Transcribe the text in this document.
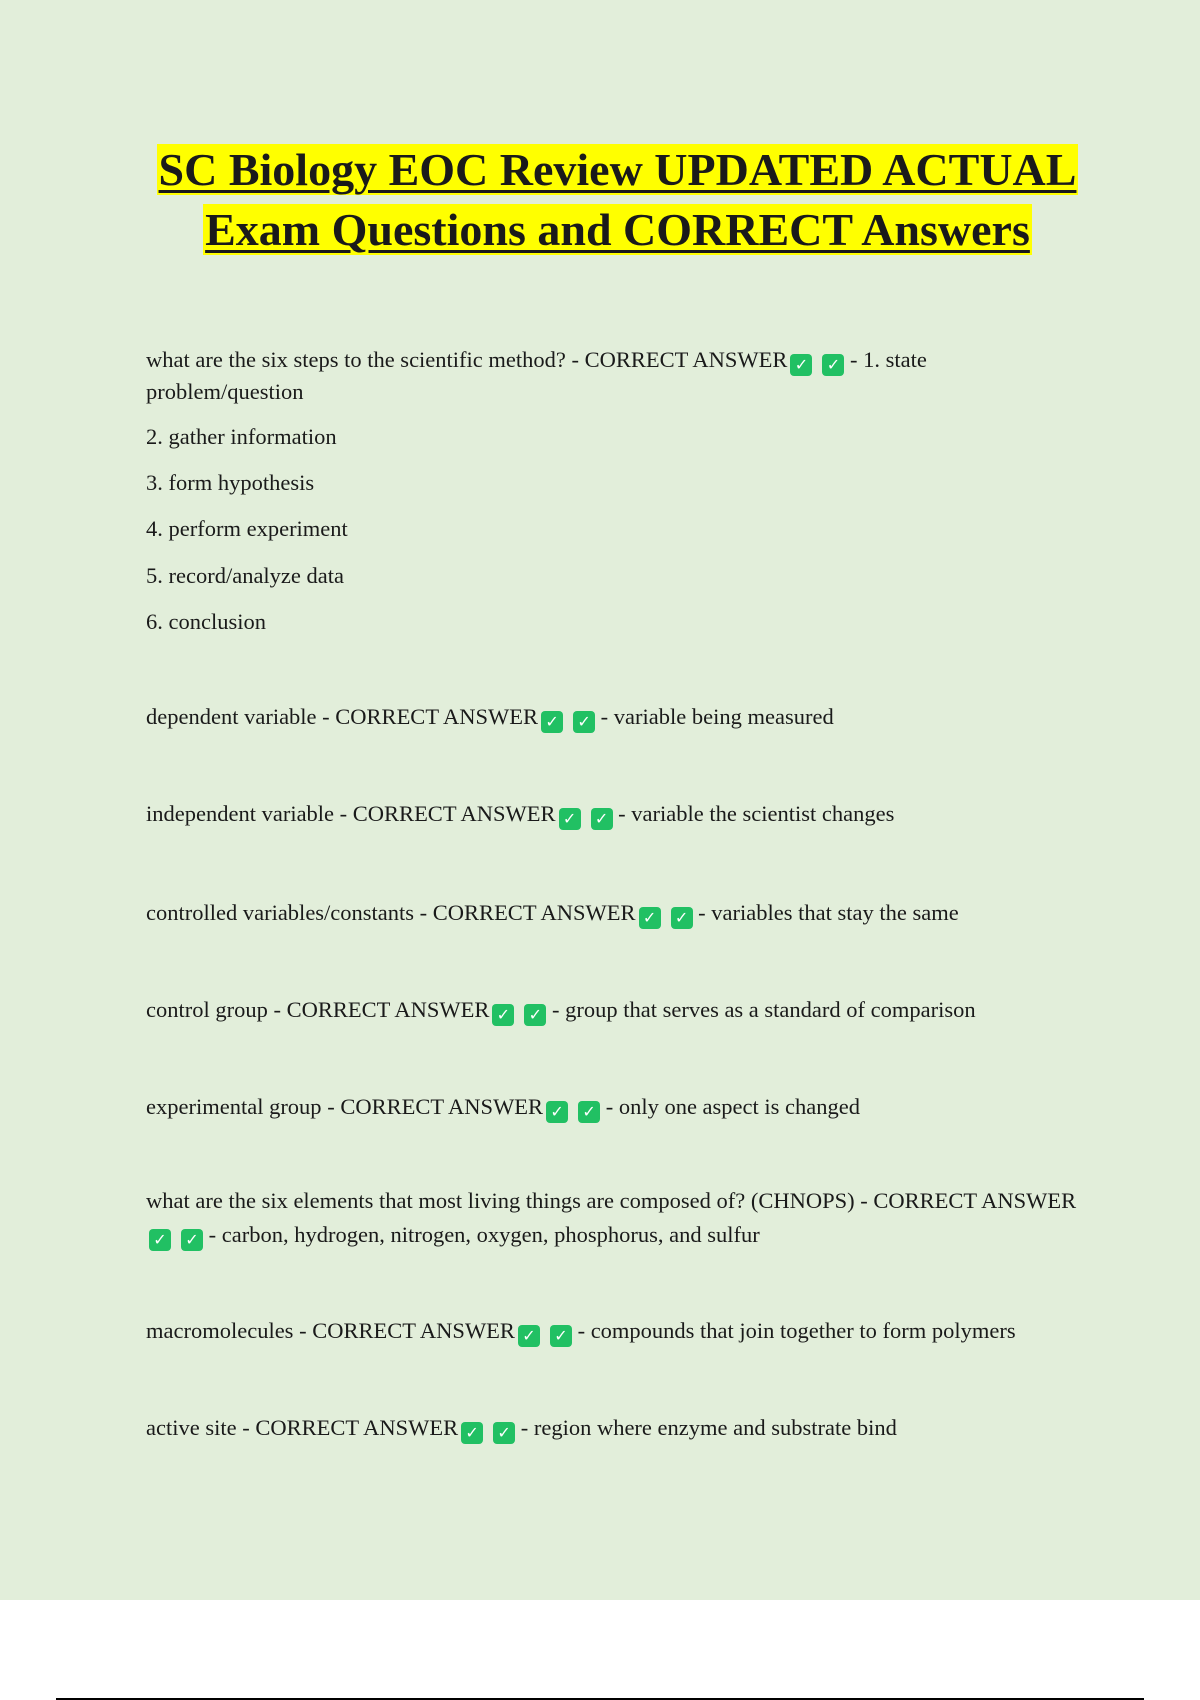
SC Biology EOC Review UPDATED ACTUAL Exam Questions and CORRECT Answers
what are the six steps to the scientific method? - CORRECT ANSWER ✓ ✓ - 1. state problem/question
2. gather information
3. form hypothesis
4. perform experiment
5. record/analyze data
6. conclusion
dependent variable - CORRECT ANSWER ✓ ✓ - variable being measured
independent variable - CORRECT ANSWER ✓ ✓ - variable the scientist changes
controlled variables/constants - CORRECT ANSWER ✓ ✓ - variables that stay the same
control group - CORRECT ANSWER ✓ ✓ - group that serves as a standard of comparison
experimental group - CORRECT ANSWER ✓ ✓ - only one aspect is changed
what are the six elements that most living things are composed of? (CHNOPS) - CORRECT ANSWER✓ ✓ - carbon, hydrogen, nitrogen, oxygen, phosphorus, and sulfur
macromolecules - CORRECT ANSWER ✓ ✓ - compounds that join together to form polymers
active site - CORRECT ANSWER ✓ ✓ - region where enzyme and substrate bind
